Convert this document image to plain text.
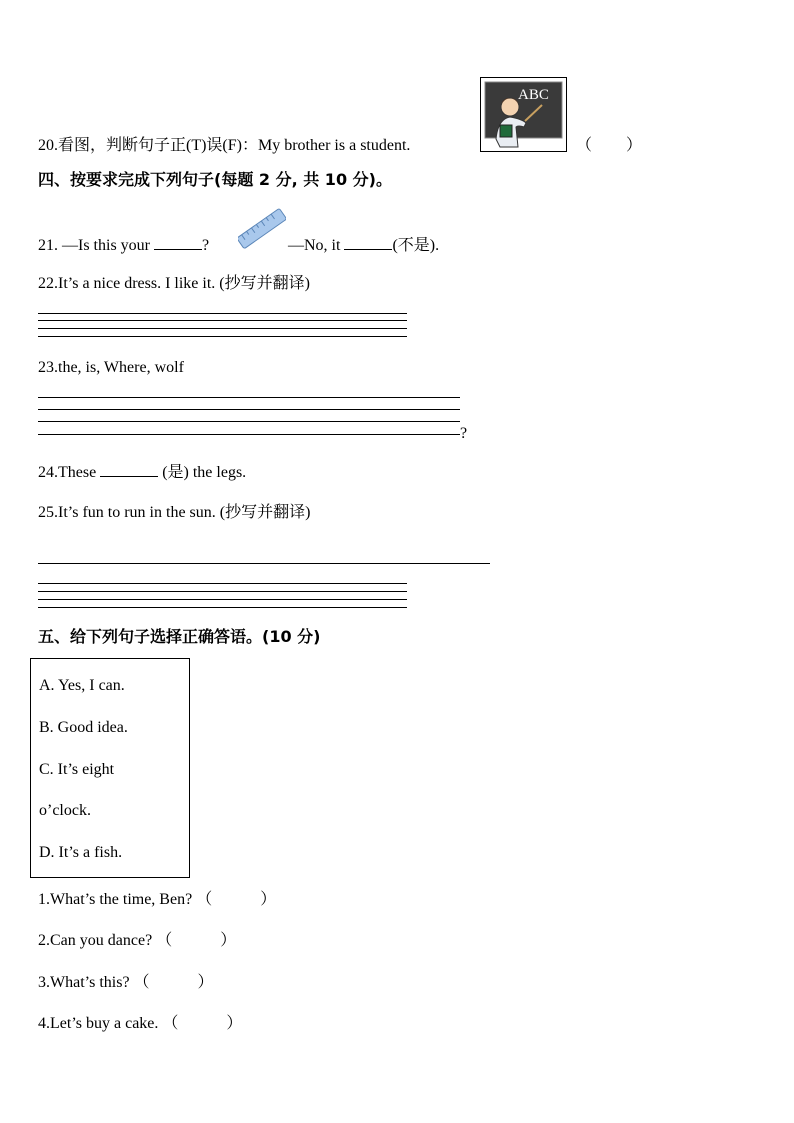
20.看图，判断句子正(T)误(F)：My brother is a student.
ABC
（ ）
四、按要求完成下列句子(每题 2 分, 共 10 分)。
21. —Is this your	?	—No, it	(不是).
22.It’s a nice dress. I like it. (抄写并翻译)
23.the, is, Where, wolf
?
24.These	(是) the legs.
25.It’s fun to run in the sun. (抄写并翻译)
五、给下列句子选择正确答语。(10 分)
A. Yes, I can.
B. Good idea.
C. It’s eight
o’clock.
D. It’s a fish.
1.What’s the time, Ben? （　　　）
2.Can you dance? （　　　）
3.What’s this? （　　　）
4.Let’s buy a cake. （　　　）
